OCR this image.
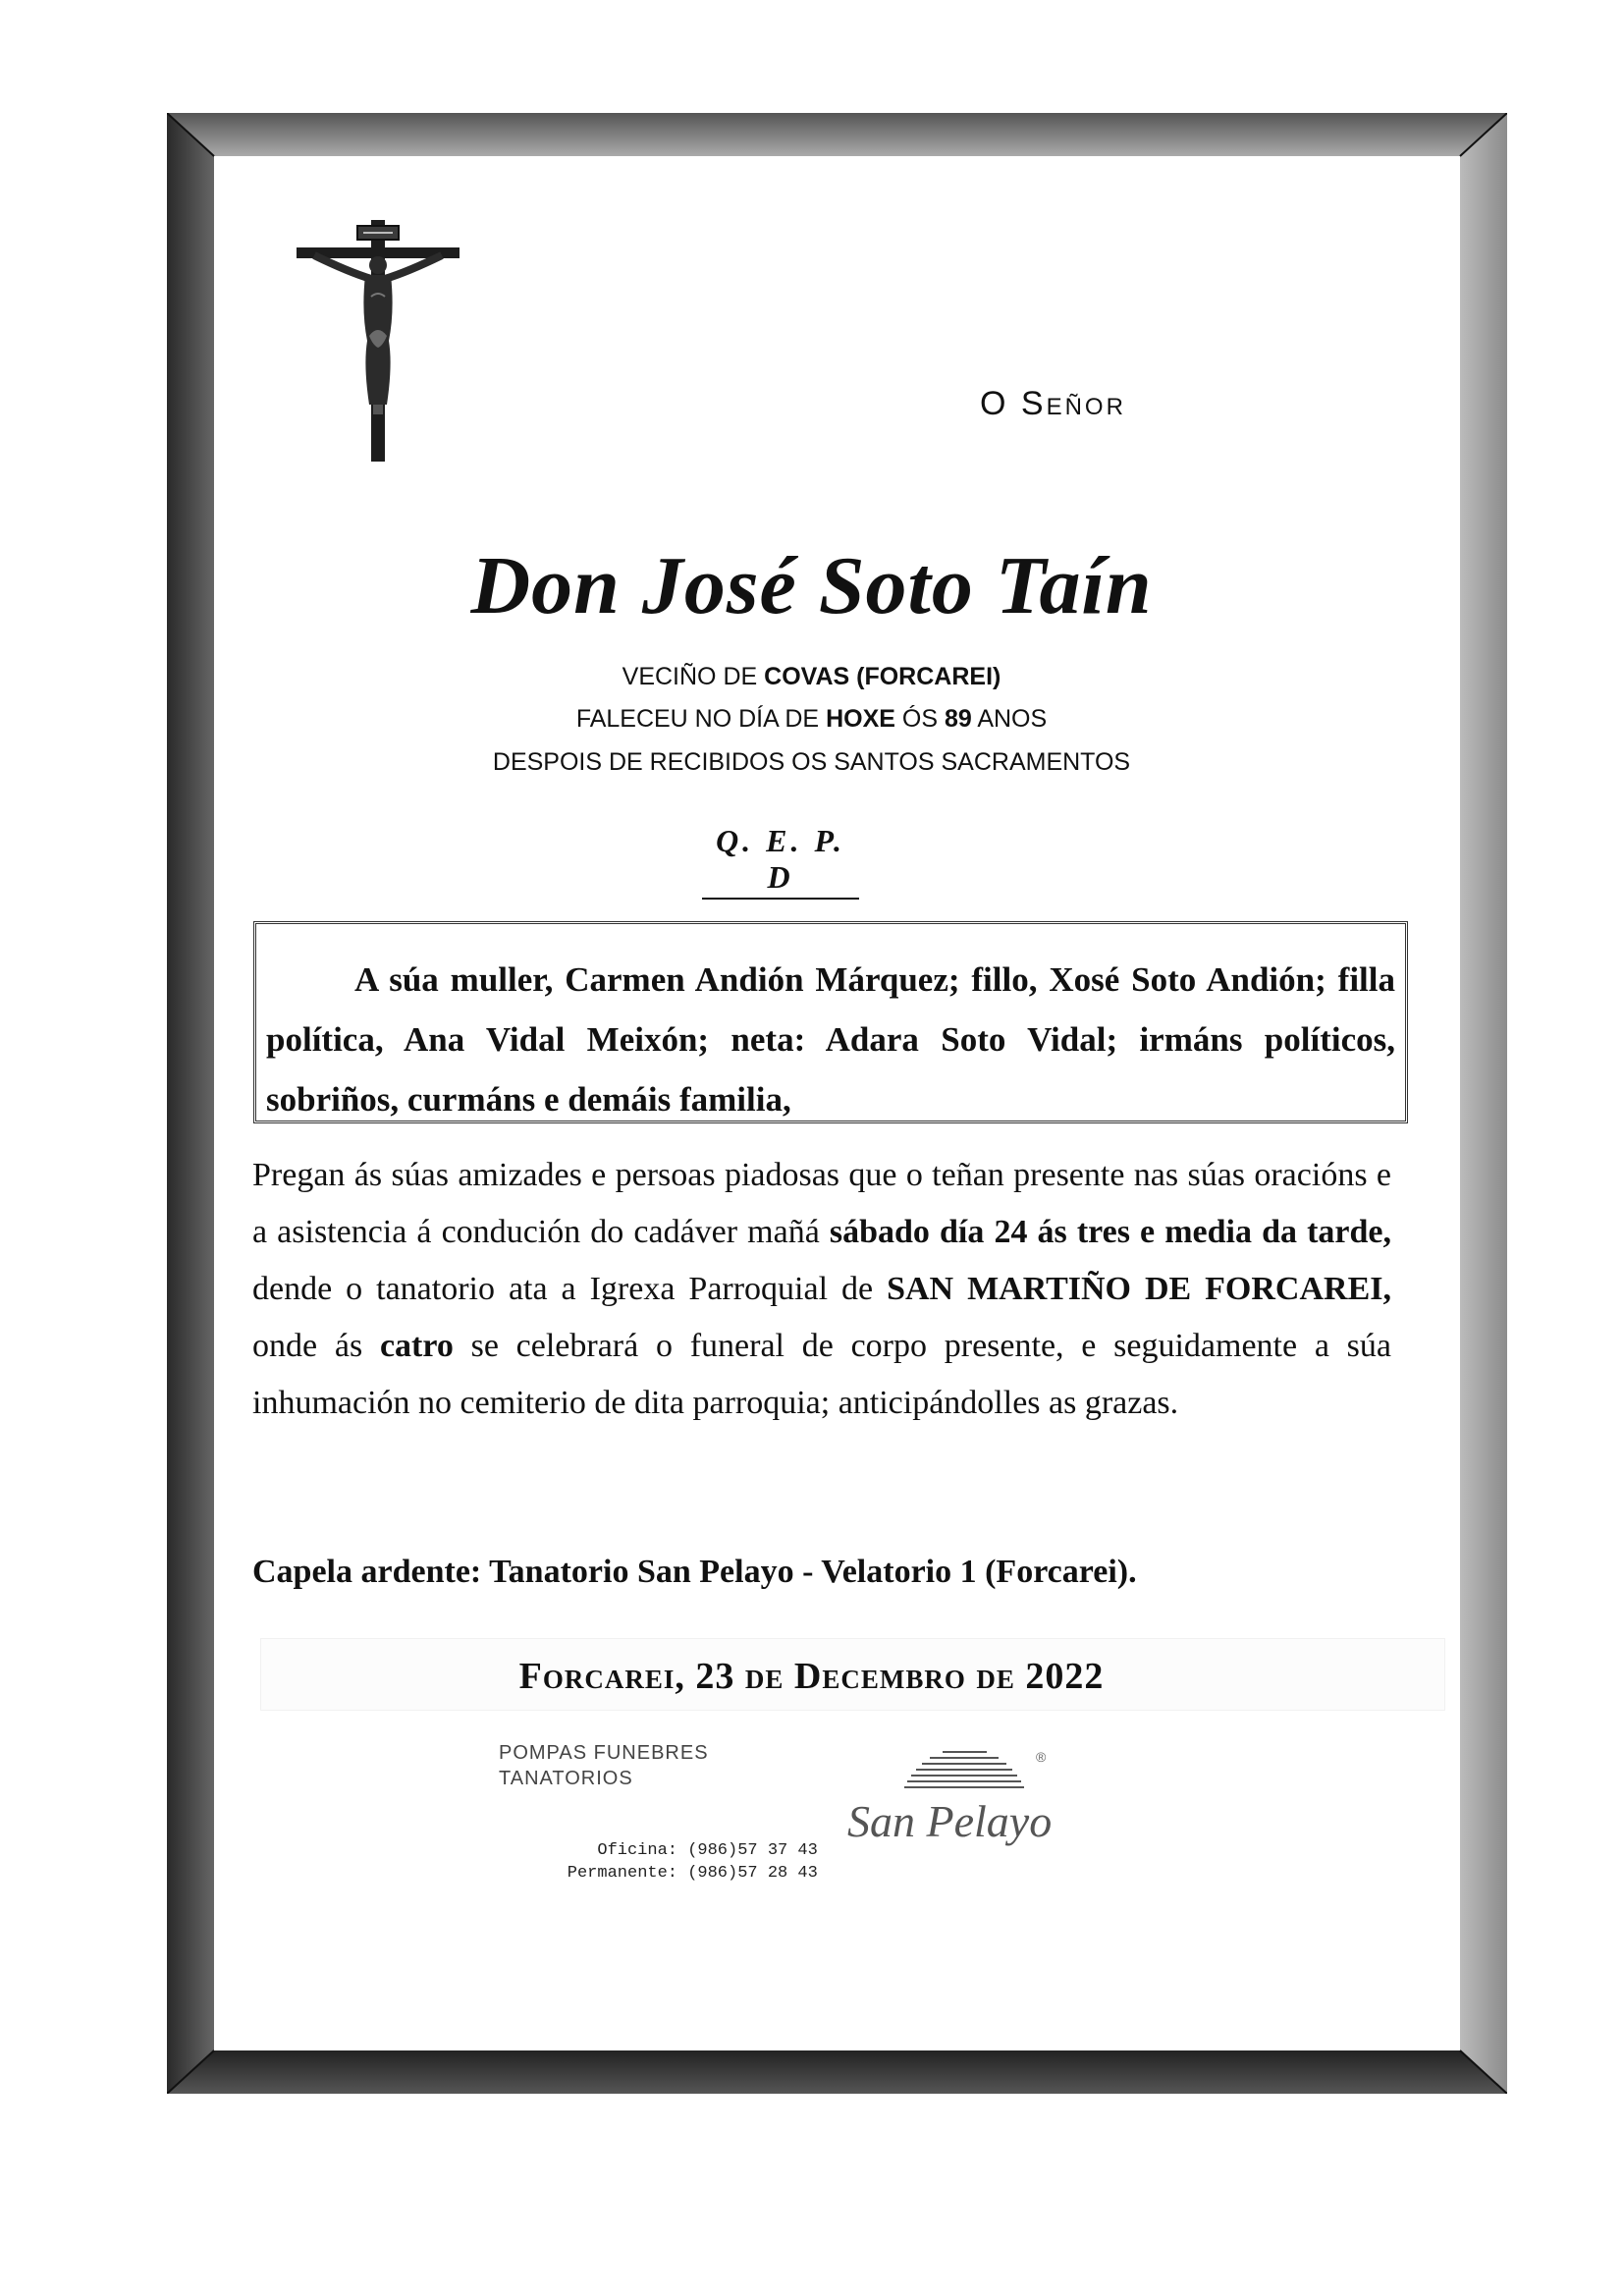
O Señor
Don José Soto Taín
VECIÑO DE COVAS (FORCAREI)
FALECEU NO DÍA DE HOXE ÓS 89 ANOS
DESPOIS DE RECIBIDOS OS SANTOS SACRAMENTOS
Q. E. P. D

A súa muller, Carmen Andión Márquez; fillo, Xosé Soto Andión; filla política, Ana Vidal Meixón; neta: Adara Soto Vidal; irmáns políticos, sobriños, curmáns e demáis familia,

Pregan ás súas amizades e persoas piadosas que o teñan presente nas súas oracións e a asistencia á condución do cadáver mañá sábado día 24 ás tres e media da tarde, dende o tanatorio ata a Igrexa Parroquial de SAN MARTIÑO DE FORCAREI, onde ás catro se celebrará o funeral de corpo presente, e seguidamente a súa inhumación no cemiterio de dita parroquia; anticipándolles as grazas.

Capela ardente: Tanatorio San Pelayo - Velatorio 1 (Forcarei).
Forcarei, 23 de Decembro de 2022
POMPAS FUNEBRES
TANATORIOS
Oficina: (986)57 37 43
Permanente: (986)57 28 43
®
San Pelayo
